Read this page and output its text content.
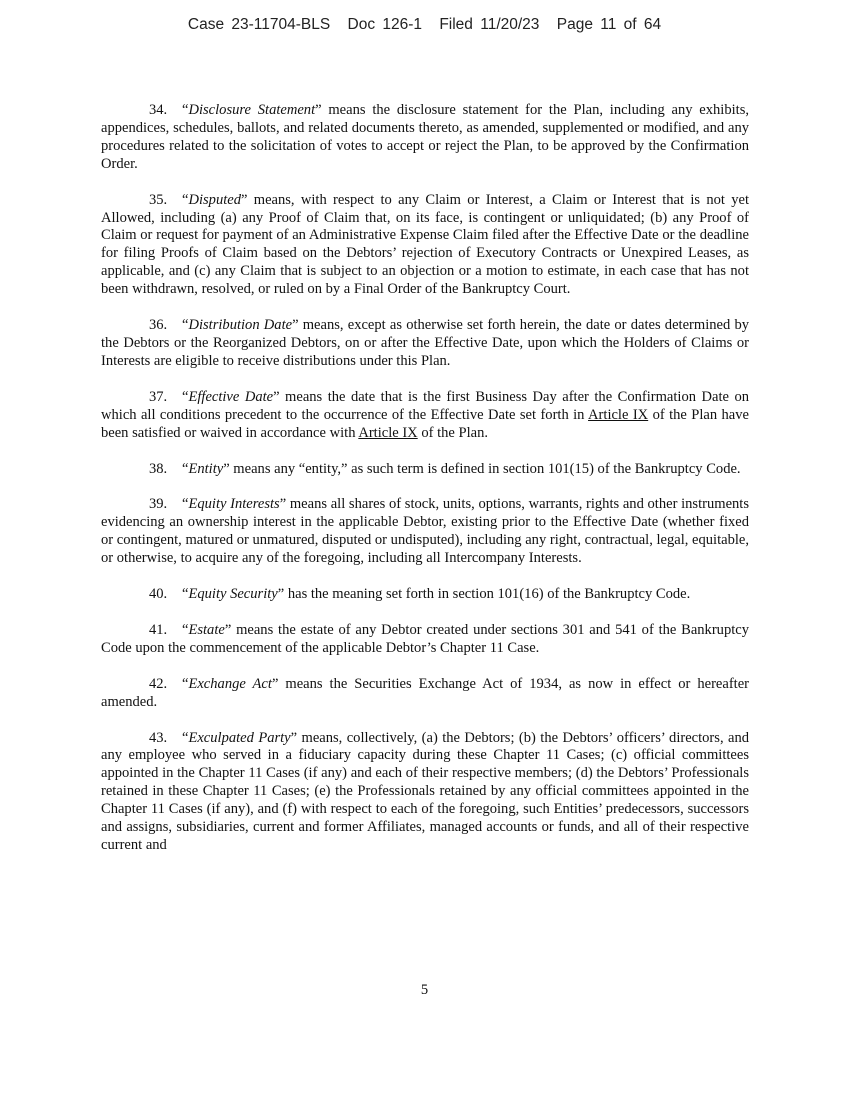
Case 23-11704-BLS Doc 126-1 Filed 11/20/23 Page 11 of 64

34. “Disclosure Statement” means the disclosure statement for the Plan, including any exhibits, appendices, schedules, ballots, and related documents thereto, as amended, supplemented or modified, and any procedures related to the solicitation of votes to accept or reject the Plan, to be approved by the Confirmation Order.

35. “Disputed” means, with respect to any Claim or Interest, a Claim or Interest that is not yet Allowed, including (a) any Proof of Claim that, on its face, is contingent or unliquidated; (b) any Proof of Claim or request for payment of an Administrative Expense Claim filed after the Effective Date or the deadline for filing Proofs of Claim based on the Debtors’ rejection of Executory Contracts or Unexpired Leases, as applicable, and (c) any Claim that is subject to an objection or a motion to estimate, in each case that has not been withdrawn, resolved, or ruled on by a Final Order of the Bankruptcy Court.

36. “Distribution Date” means, except as otherwise set forth herein, the date or dates determined by the Debtors or the Reorganized Debtors, on or after the Effective Date, upon which the Holders of Claims or Interests are eligible to receive distributions under this Plan.

37. “Effective Date” means the date that is the first Business Day after the Confirmation Date on which all conditions precedent to the occurrence of the Effective Date set forth in Article IX of the Plan have been satisfied or waived in accordance with Article IX of the Plan.

38. “Entity” means any “entity,” as such term is defined in section 101(15) of the Bankruptcy Code.

39. “Equity Interests” means all shares of stock, units, options, warrants, rights and other instruments evidencing an ownership interest in the applicable Debtor, existing prior to the Effective Date (whether fixed or contingent, matured or unmatured, disputed or undisputed), including any right, contractual, legal, equitable, or otherwise, to acquire any of the foregoing, including all Intercompany Interests.

40. “Equity Security” has the meaning set forth in section 101(16) of the Bankruptcy Code.

41. “Estate” means the estate of any Debtor created under sections 301 and 541 of the Bankruptcy Code upon the commencement of the applicable Debtor’s Chapter 11 Case.

42. “Exchange Act” means the Securities Exchange Act of 1934, as now in effect or hereafter amended.

43. “Exculpated Party” means, collectively, (a) the Debtors; (b) the Debtors’ officers’ directors, and any employee who served in a fiduciary capacity during these Chapter 11 Cases; (c) official committees appointed in the Chapter 11 Cases (if any) and each of their respective members; (d) the Debtors’ Professionals retained in these Chapter 11 Cases; (e) the Professionals retained by any official committees appointed in the Chapter 11 Cases (if any), and (f) with respect to each of the foregoing, such Entities’ predecessors, successors and assigns, subsidiaries, current and former Affiliates, managed accounts or funds, and all of their respective current and

5
